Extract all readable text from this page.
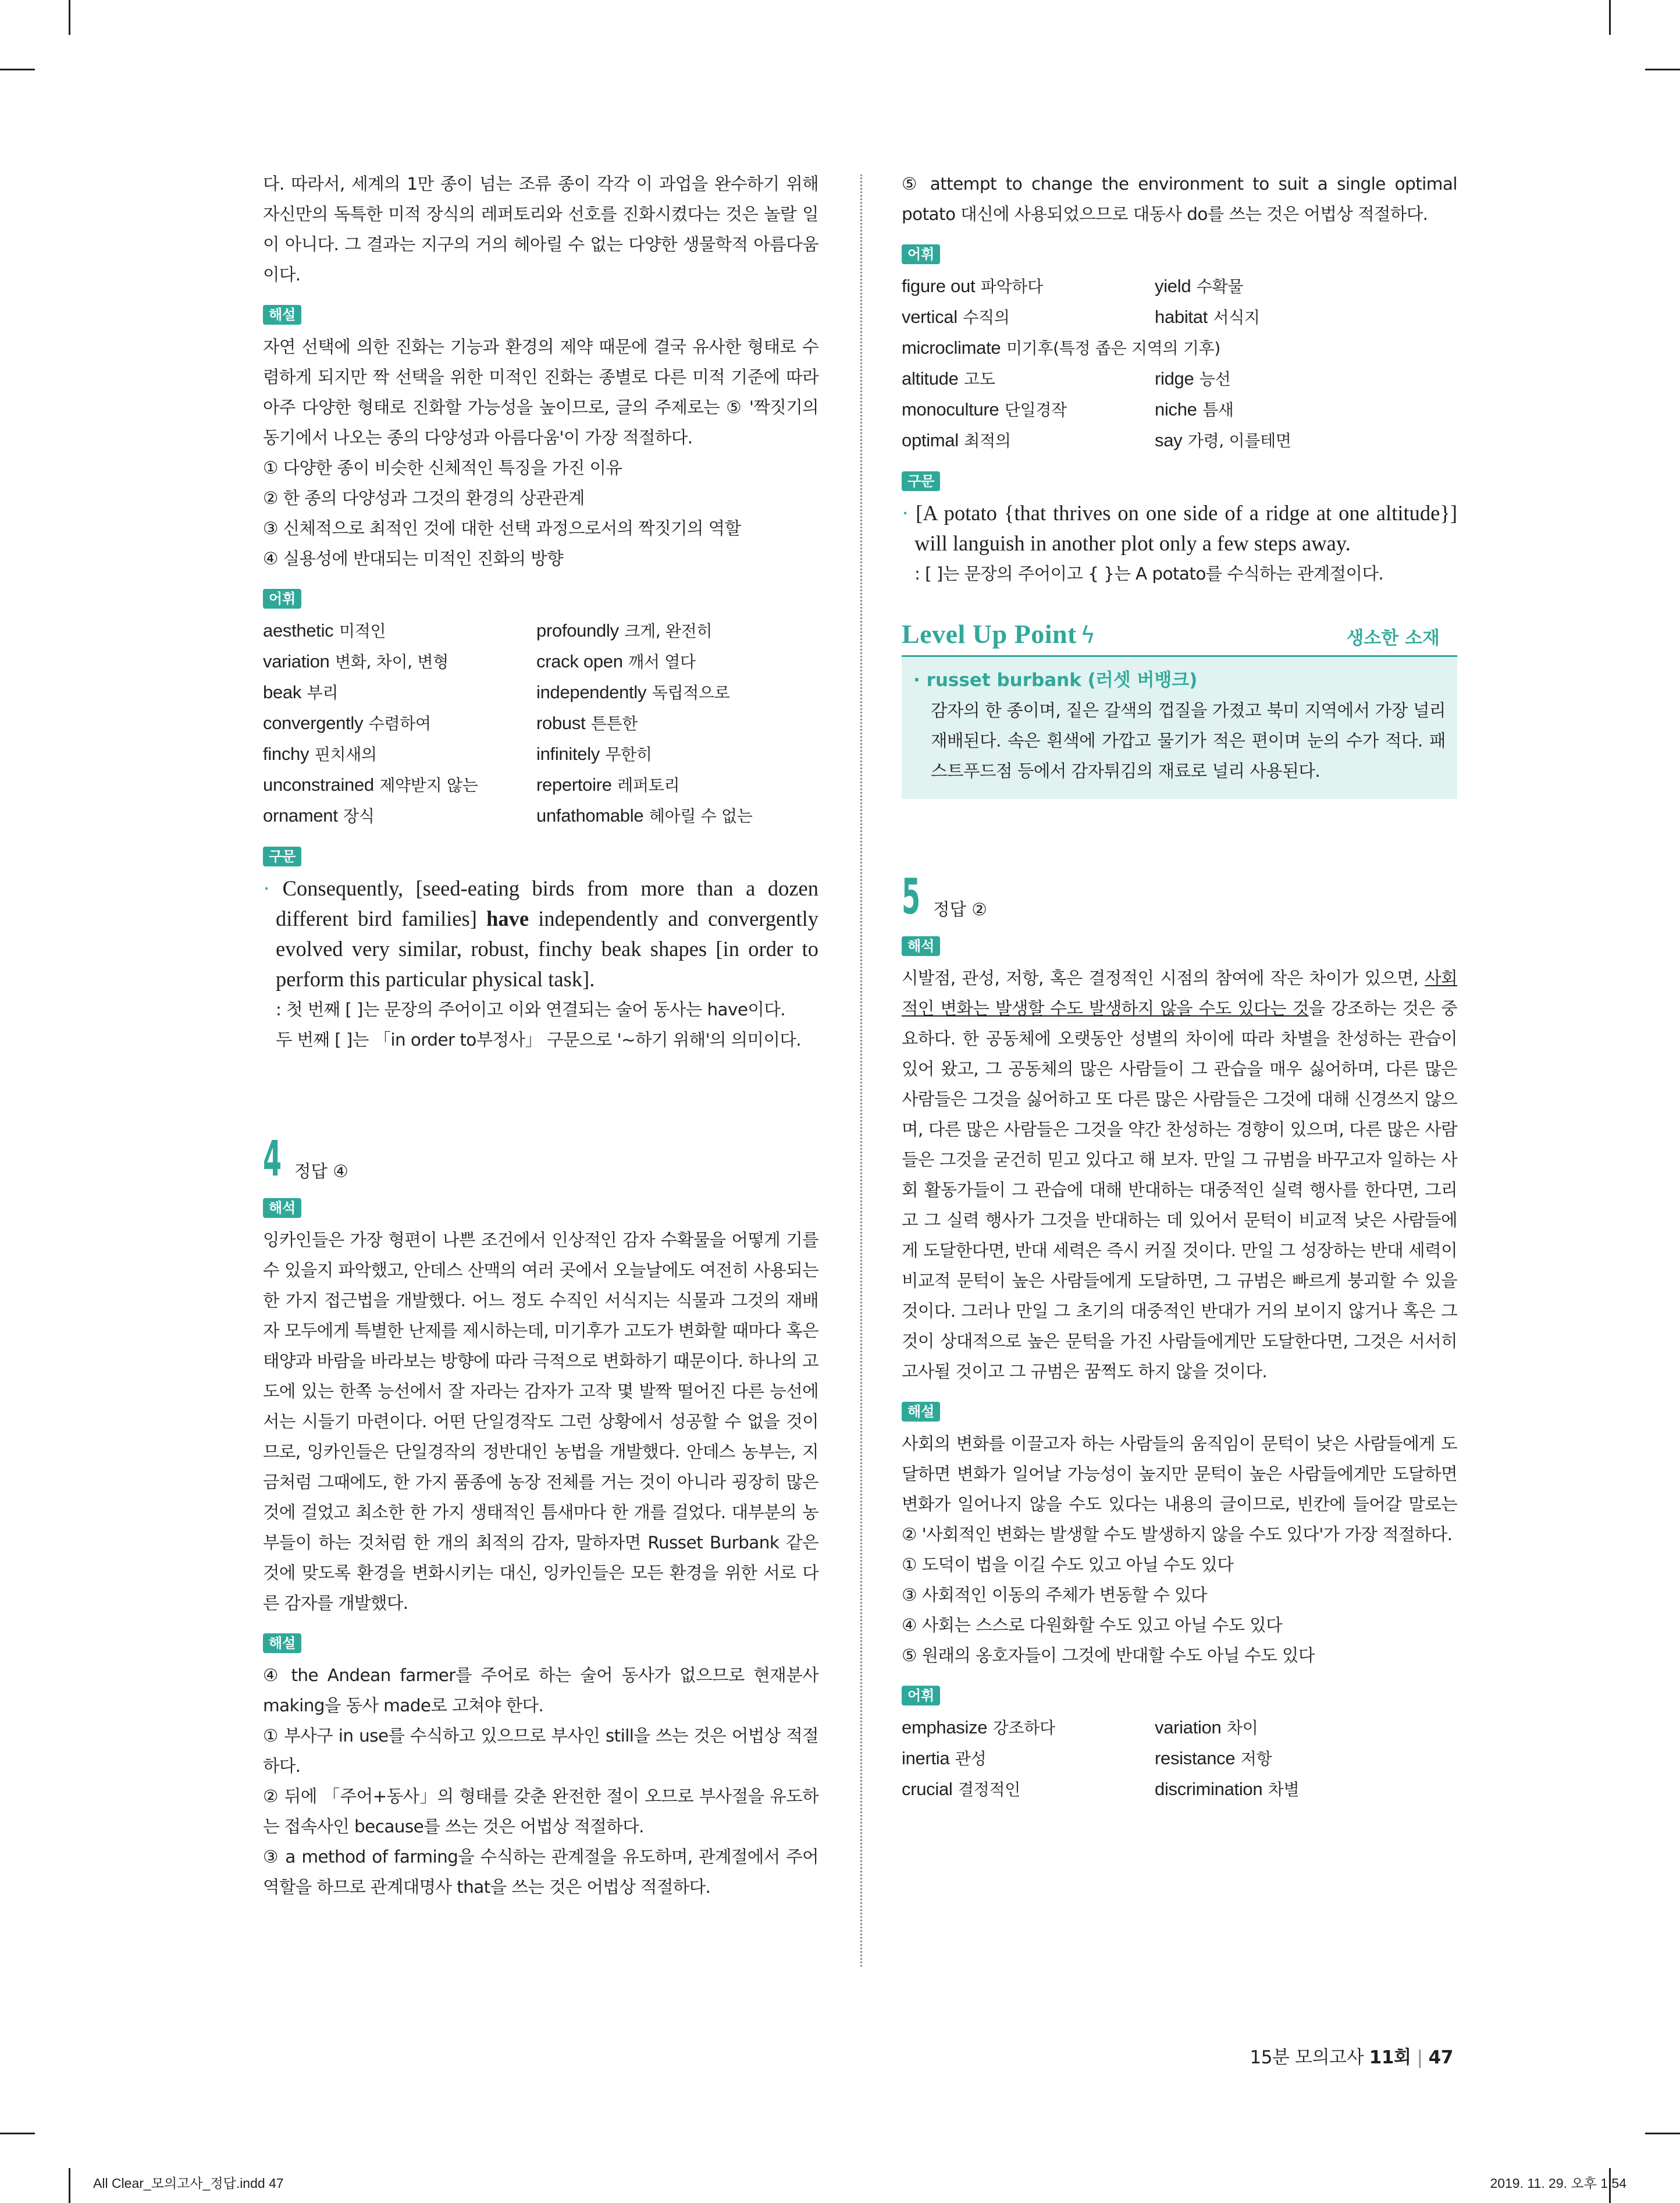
다. 따라서, 세계의 1만 종이 넘는 조류 종이 각각 이 과업을 완수하기 위해 자신만의 독특한 미적 장식의 레퍼토리와 선호를 진화시켰다는 것은 놀랄 일이 아니다. 그 결과는 지구의 거의 헤아릴 수 없는 다양한 생물학적 아름다움이다.

해설

자연 선택에 의한 진화는 기능과 환경의 제약 때문에 결국 유사한 형태로 수렴하게 되지만 짝 선택을 위한 미적인 진화는 종별로 다른 미적 기준에 따라 아주 다양한 형태로 진화할 가능성을 높이므로, 글의 주제로는 ⑤ '짝짓기의 동기에서 나오는 종의 다양성과 아름다움'이 가장 적절하다.

① 다양한 종이 비슷한 신체적인 특징을 가진 이유

② 한 종의 다양성과 그것의 환경의 상관관계

③ 신체적으로 최적인 것에 대한 선택 과정으로서의 짝짓기의 역할

④ 실용성에 반대되는 미적인 진화의 방향

어휘
aesthetic 미적인	profoundly 크게, 완전히
variation 변화, 차이, 변형	crack open 깨서 열다
beak 부리	independently 독립적으로
convergently 수렴하여	robust 튼튼한
finchy 핀치새의	infinitely 무한히
unconstrained 제약받지 않는	repertoire 레퍼토리
ornament 장식	unfathomable 헤아릴 수 없는
구문

· Consequently, [seed-eating birds from more than a dozen different bird families] have independently and convergently evolved very similar, robust, finchy beak shapes [in order to perform this particular physical task].

: 첫 번째 [ ]는 문장의 주어이고 이와 연결되는 술어 동사는 have이다.

두 번째 [ ]는 「in order to부정사」 구문으로 '~하기 위해'의 의미이다.

4 정답 ④
해석

잉카인들은 가장 형편이 나쁜 조건에서 인상적인 감자 수확물을 어떻게 기를 수 있을지 파악했고, 안데스 산맥의 여러 곳에서 오늘날에도 여전히 사용되는 한 가지 접근법을 개발했다. 어느 정도 수직인 서식지는 식물과 그것의 재배자 모두에게 특별한 난제를 제시하는데, 미기후가 고도가 변화할 때마다 혹은 태양과 바람을 바라보는 방향에 따라 극적으로 변화하기 때문이다. 하나의 고도에 있는 한쪽 능선에서 잘 자라는 감자가 고작 몇 발짝 떨어진 다른 능선에서는 시들기 마련이다. 어떤 단일경작도 그런 상황에서 성공할 수 없을 것이므로, 잉카인들은 단일경작의 정반대인 농법을 개발했다. 안데스 농부는, 지금처럼 그때에도, 한 가지 품종에 농장 전체를 거는 것이 아니라 굉장히 많은 것에 걸었고 최소한 한 가지 생태적인 틈새마다 한 개를 걸었다. 대부분의 농부들이 하는 것처럼 한 개의 최적의 감자, 말하자면 Russet Burbank 같은 것에 맞도록 환경을 변화시키는 대신, 잉카인들은 모든 환경을 위한 서로 다른 감자를 개발했다.

해설

④ the Andean farmer를 주어로 하는 술어 동사가 없으므로 현재분사 making을 동사 made로 고쳐야 한다.

① 부사구 in use를 수식하고 있으므로 부사인 still을 쓰는 것은 어법상 적절하다.

② 뒤에 「주어+동사」의 형태를 갖춘 완전한 절이 오므로 부사절을 유도하는 접속사인 because를 쓰는 것은 어법상 적절하다.

③ a method of farming을 수식하는 관계절을 유도하며, 관계절에서 주어 역할을 하므로 관계대명사 that을 쓰는 것은 어법상 적절하다.

⑤ attempt to change the environment to suit a single optimal potato 대신에 사용되었으므로 대동사 do를 쓰는 것은 어법상 적절하다.

어휘
figure out 파악하다	yield 수확물
vertical 수직의	habitat 서식지
microclimate 미기후(특정 좁은 지역의 기후)
altitude 고도	ridge 능선
monoculture 단일경작	niche 틈새
optimal 최적의	say 가령, 이를테면
구문

· [A potato {that thrives on one side of a ridge at one altitude}] will languish in another plot only a few steps away.

: [ ]는 문장의 주어이고 { }는 A potato를 수식하는 관계절이다.

Level Up Point ϟ	생소한 소재

· russet burbank (러셋 버뱅크)

감자의 한 종이며, 짙은 갈색의 껍질을 가졌고 북미 지역에서 가장 널리 재배된다. 속은 흰색에 가깝고 물기가 적은 편이며 눈의 수가 적다. 패스트푸드점 등에서 감자튀김의 재료로 널리 사용된다.

5 정답 ②
해석

시발점, 관성, 저항, 혹은 결정적인 시점의 참여에 작은 차이가 있으면, 사회적인 변화는 발생할 수도 발생하지 않을 수도 있다는 것을 강조하는 것은 중요하다. 한 공동체에 오랫동안 성별의 차이에 따라 차별을 찬성하는 관습이 있어 왔고, 그 공동체의 많은 사람들이 그 관습을 매우 싫어하며, 다른 많은 사람들은 그것을 싫어하고 또 다른 많은 사람들은 그것에 대해 신경쓰지 않으며, 다른 많은 사람들은 그것을 약간 찬성하는 경향이 있으며, 다른 많은 사람들은 그것을 굳건히 믿고 있다고 해 보자. 만일 그 규범을 바꾸고자 일하는 사회 활동가들이 그 관습에 대해 반대하는 대중적인 실력 행사를 한다면, 그리고 그 실력 행사가 그것을 반대하는 데 있어서 문턱이 비교적 낮은 사람들에게 도달한다면, 반대 세력은 즉시 커질 것이다. 만일 그 성장하는 반대 세력이 비교적 문턱이 높은 사람들에게 도달하면, 그 규범은 빠르게 붕괴할 수 있을 것이다. 그러나 만일 그 초기의 대중적인 반대가 거의 보이지 않거나 혹은 그것이 상대적으로 높은 문턱을 가진 사람들에게만 도달한다면, 그것은 서서히 고사될 것이고 그 규범은 꿈쩍도 하지 않을 것이다.

해설

사회의 변화를 이끌고자 하는 사람들의 움직임이 문턱이 낮은 사람들에게 도달하면 변화가 일어날 가능성이 높지만 문턱이 높은 사람들에게만 도달하면 변화가 일어나지 않을 수도 있다는 내용의 글이므로, 빈칸에 들어갈 말로는 ② '사회적인 변화는 발생할 수도 발생하지 않을 수도 있다'가 가장 적절하다.

① 도덕이 법을 이길 수도 있고 아닐 수도 있다

③ 사회적인 이동의 주체가 변동할 수 있다

④ 사회는 스스로 다원화할 수도 있고 아닐 수도 있다

⑤ 원래의 옹호자들이 그것에 반대할 수도 아닐 수도 있다

어휘
emphasize 강조하다	variation 차이
inertia 관성	resistance 저항
crucial 결정적인	discrimination 차별
15분 모의고사 11회 | 47
All Clear_모의고사_정답.indd 47	2019. 11. 29. 오후 1:54
